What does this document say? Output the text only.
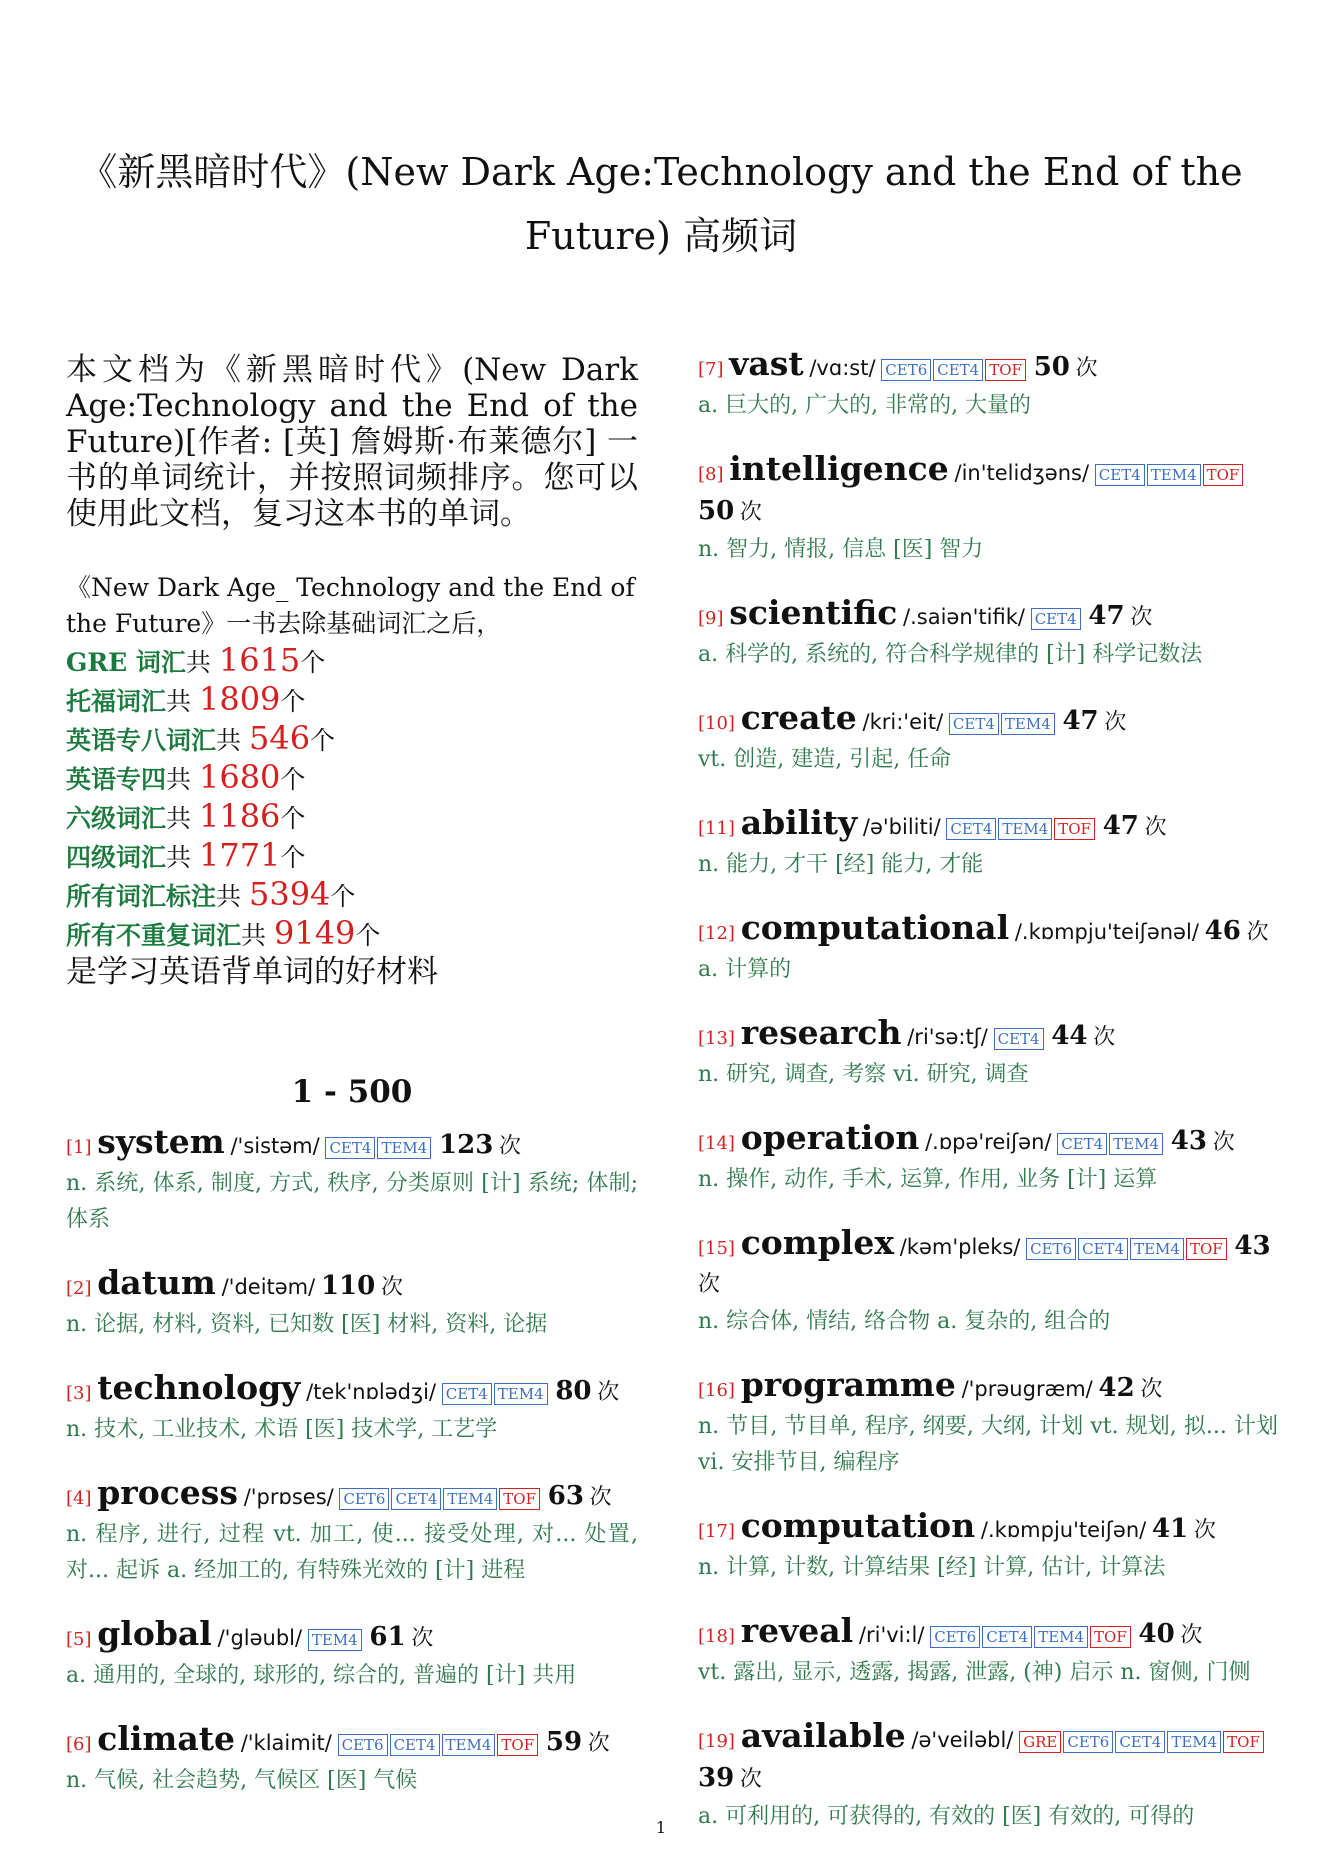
《新黑暗时代》(New Dark Age:Technology and the End of the Future) 高频词
本文档为《新黑暗时代》(New Dark Age:Technology and the End of the Future)[作者: [英] 詹姆斯·布莱德尔] 一书的单词统计，并按照词频排序。您可以使用此文档，复习这本书的单词。
《New Dark Age_ Technology and the End of the Future》一书去除基础词汇之后，
GRE 词汇共 1615个
托福词汇共 1809个
英语专八词汇共 546个
英语专四共 1680个
六级词汇共 1186个
四级词汇共 1771个
所有词汇标注共 5394个
所有不重复词汇共 9149个
是学习英语背单词的好材料
1 - 500
[1] system /'sistəm/ CET4 TEM4 123 次
n. 系统, 体系, 制度, 方式, 秩序, 分类原则 [计] 系统; 体制; 体系
[2] datum /'deitəm/ 110 次
n. 论据, 材料, 资料, 已知数 [医] 材料, 资料, 论据
[3] technology /tek'nɒlədʒi/ CET4 TEM4 80 次
n. 技术, 工业技术, 术语 [医] 技术学, 工艺学
[4] process /'prɒses/ CET6 CET4 TEM4 TOF 63 次
n. 程序, 进行, 过程 vt. 加工, 使... 接受处理, 对... 处置, 对... 起诉 a. 经加工的, 有特殊光效的 [计] 进程
[5] global /'gləubl/ TEM4 61 次
a. 通用的, 全球的, 球形的, 综合的, 普遍的 [计] 共用
[6] climate /'klaimit/ CET6 CET4 TEM4 TOF 59 次
n. 气候, 社会趋势, 气候区 [医] 气候
[7] vast /vɑ:st/ CET6 CET4 TOF 50 次
a. 巨大的, 广大的, 非常的, 大量的
[8] intelligence /in'telidʒəns/ CET4 TEM4 TOF 50 次
n. 智力, 情报, 信息 [医] 智力
[9] scientific /.saiən'tifik/ CET4 47 次
a. 科学的, 系统的, 符合科学规律的 [计] 科学记数法
[10] create /kri:'eit/ CET4 TEM4 47 次
vt. 创造, 建造, 引起, 任命
[11] ability /ə'biliti/ CET4 TEM4 TOF 47 次
n. 能力, 才干 [经] 能力, 才能
[12] computational /.kɒmpju'teiʃənəl/ 46 次
a. 计算的
[13] research /ri'sə:tʃ/ CET4 44 次
n. 研究, 调查, 考察 vi. 研究, 调查
[14] operation /.ɒpə'reiʃən/ CET4 TEM4 43 次
n. 操作, 动作, 手术, 运算, 作用, 业务 [计] 运算
[15] complex /kəm'pleks/ CET6 CET4 TEM4 TOF 43 次
n. 综合体, 情结, 络合物 a. 复杂的, 组合的
[16] programme /'prəugræm/ 42 次
n. 节目, 节目单, 程序, 纲要, 大纲, 计划 vt. 规划, 拟... 计划 vi. 安排节目, 编程序
[17] computation /.kɒmpju'teiʃən/ 41 次
n. 计算, 计数, 计算结果 [经] 计算, 估计, 计算法
[18] reveal /ri'vi:l/ CET6 CET4 TEM4 TOF 40 次
vt. 露出, 显示, 透露, 揭露, 泄露, (神) 启示 n. 窗侧, 门侧
[19] available /ə'veiləbl/ GRE CET6 CET4 TEM4 TOF 39 次
a. 可利用的, 可获得的, 有效的 [医] 有效的, 可得的
1
